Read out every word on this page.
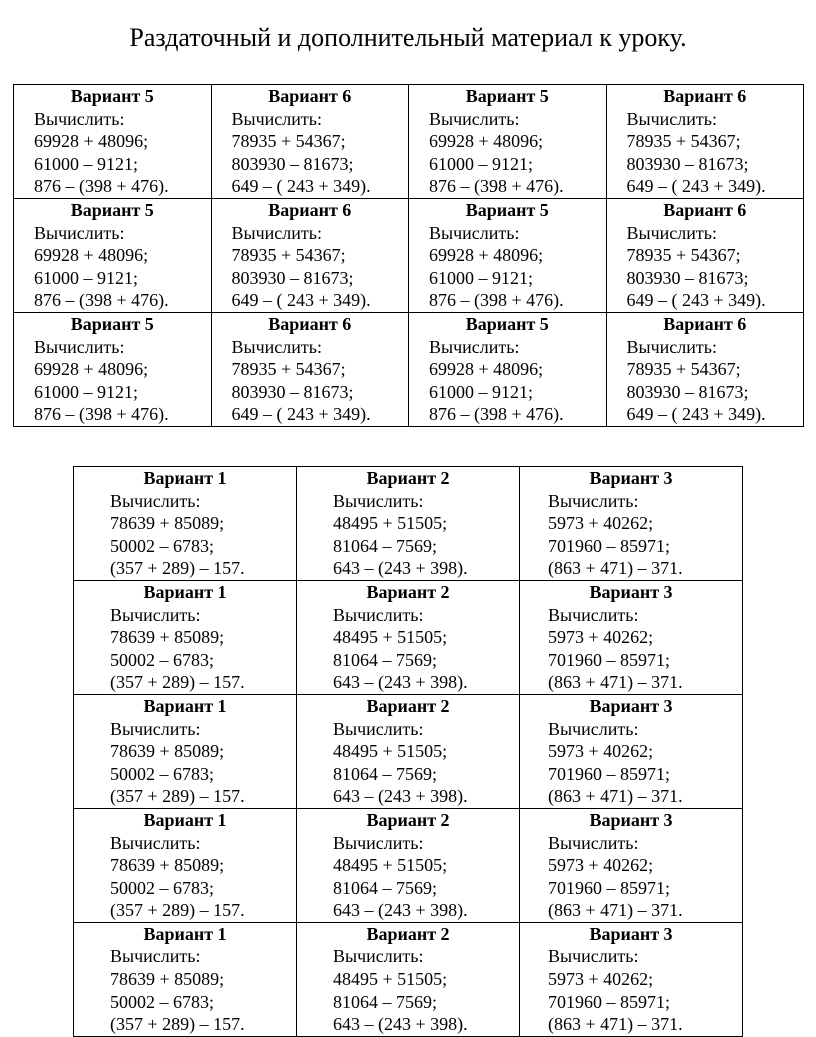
Раздаточный и дополнительный материал к уроку.
Вариант 5
Вычислить:
69928 + 48096;
61000 – 9121;
876 – (398 + 476).	Вариант 6
Вычислить:
78935 + 54367;
803930 – 81673;
649 – ( 243 + 349).	Вариант 5
Вычислить:
69928 + 48096;
61000 – 9121;
876 – (398 + 476).	Вариант 6
Вычислить:
78935 + 54367;
803930 – 81673;
649 – ( 243 + 349).

Вариант 5
Вычислить:
69928 + 48096;
61000 – 9121;
876 – (398 + 476).	Вариант 6
Вычислить:
78935 + 54367;
803930 – 81673;
649 – ( 243 + 349).	Вариант 5
Вычислить:
69928 + 48096;
61000 – 9121;
876 – (398 + 476).	Вариант 6
Вычислить:
78935 + 54367;
803930 – 81673;
649 – ( 243 + 349).

Вариант 5
Вычислить:
69928 + 48096;
61000 – 9121;
876 – (398 + 476).	Вариант 6
Вычислить:
78935 + 54367;
803930 – 81673;
649 – ( 243 + 349).	Вариант 5
Вычислить:
69928 + 48096;
61000 – 9121;
876 – (398 + 476).	Вариант 6
Вычислить:
78935 + 54367;
803930 – 81673;
649 – ( 243 + 349).
Вариант 1
Вычислить:
78639 + 85089;
50002 – 6783;
(357 + 289) – 157.	Вариант 2
Вычислить:
48495 + 51505;
81064 – 7569;
643 – (243 + 398).	Вариант 3
Вычислить:
5973 + 40262;
701960 – 85971;
(863 + 471) – 371.

Вариант 1
Вычислить:
78639 + 85089;
50002 – 6783;
(357 + 289) – 157.	Вариант 2
Вычислить:
48495 + 51505;
81064 – 7569;
643 – (243 + 398).	Вариант 3
Вычислить:
5973 + 40262;
701960 – 85971;
(863 + 471) – 371.

Вариант 1
Вычислить:
78639 + 85089;
50002 – 6783;
(357 + 289) – 157.	Вариант 2
Вычислить:
48495 + 51505;
81064 – 7569;
643 – (243 + 398).	Вариант 3
Вычислить:
5973 + 40262;
701960 – 85971;
(863 + 471) – 371.

Вариант 1
Вычислить:
78639 + 85089;
50002 – 6783;
(357 + 289) – 157.	Вариант 2
Вычислить:
48495 + 51505;
81064 – 7569;
643 – (243 + 398).	Вариант 3
Вычислить:
5973 + 40262;
701960 – 85971;
(863 + 471) – 371.

Вариант 1
Вычислить:
78639 + 85089;
50002 – 6783;
(357 + 289) – 157.	Вариант 2
Вычислить:
48495 + 51505;
81064 – 7569;
643 – (243 + 398).	Вариант 3
Вычислить:
5973 + 40262;
701960 – 85971;
(863 + 471) – 371.
